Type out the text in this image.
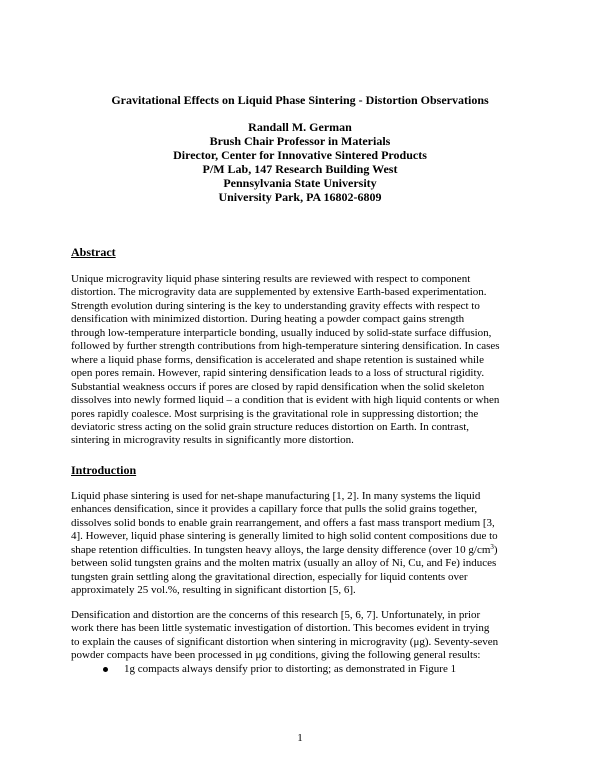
Gravitational Effects on Liquid Phase Sintering - Distortion Observations
Randall M. German
Brush Chair Professor in Materials
Director, Center for Innovative Sintered Products
P/M Lab, 147 Research Building West
Pennsylvania State University
University Park, PA 16802-6809
Abstract
Unique microgravity liquid phase sintering results are reviewed with respect to component
distortion. The microgravity data are supplemented by extensive Earth-based experimentation.
Strength evolution during sintering is the key to understanding gravity effects with respect to
densification with minimized distortion. During heating a powder compact gains strength
through low-temperature interparticle bonding, usually induced by solid-state surface diffusion,
followed by further strength contributions from high-temperature sintering densification. In cases
where a liquid phase forms, densification is accelerated and shape retention is sustained while
open pores remain. However, rapid sintering densification leads to a loss of structural rigidity.
Substantial weakness occurs if pores are closed by rapid densification when the solid skeleton
dissolves into newly formed liquid – a condition that is evident with high liquid contents or when
pores rapidly coalesce. Most surprising is the gravitational role in suppressing distortion; the
deviatoric stress acting on the solid grain structure reduces distortion on Earth. In contrast,
sintering in microgravity results in significantly more distortion.
Introduction
Liquid phase sintering is used for net-shape manufacturing [1, 2]. In many systems the liquid
enhances densification, since it provides a capillary force that pulls the solid grains together,
dissolves solid bonds to enable grain rearrangement, and offers a fast mass transport medium [3,
4]. However, liquid phase sintering is generally limited to high solid content compositions due to
shape retention difficulties. In tungsten heavy alloys, the large density difference (over 10 $g/cm^3$)
between solid tungsten grains and the molten matrix (usually an alloy of Ni, Cu, and Fe) induces
tungsten grain settling along the gravitational direction, especially for liquid contents over
approximately 25 vol.%, resulting in significant distortion [5, 6].
Densification and distortion are the concerns of this research [5, 6, 7]. Unfortunately, in prior
work there has been little systematic investigation of distortion. This becomes evident in trying
to explain the causes of significant distortion when sintering in microgravity (μg). Seventy-seven
powder compacts have been processed in μg conditions, giving the following general results:
1g compacts always densify prior to distorting; as demonstrated in Figure 1
1
